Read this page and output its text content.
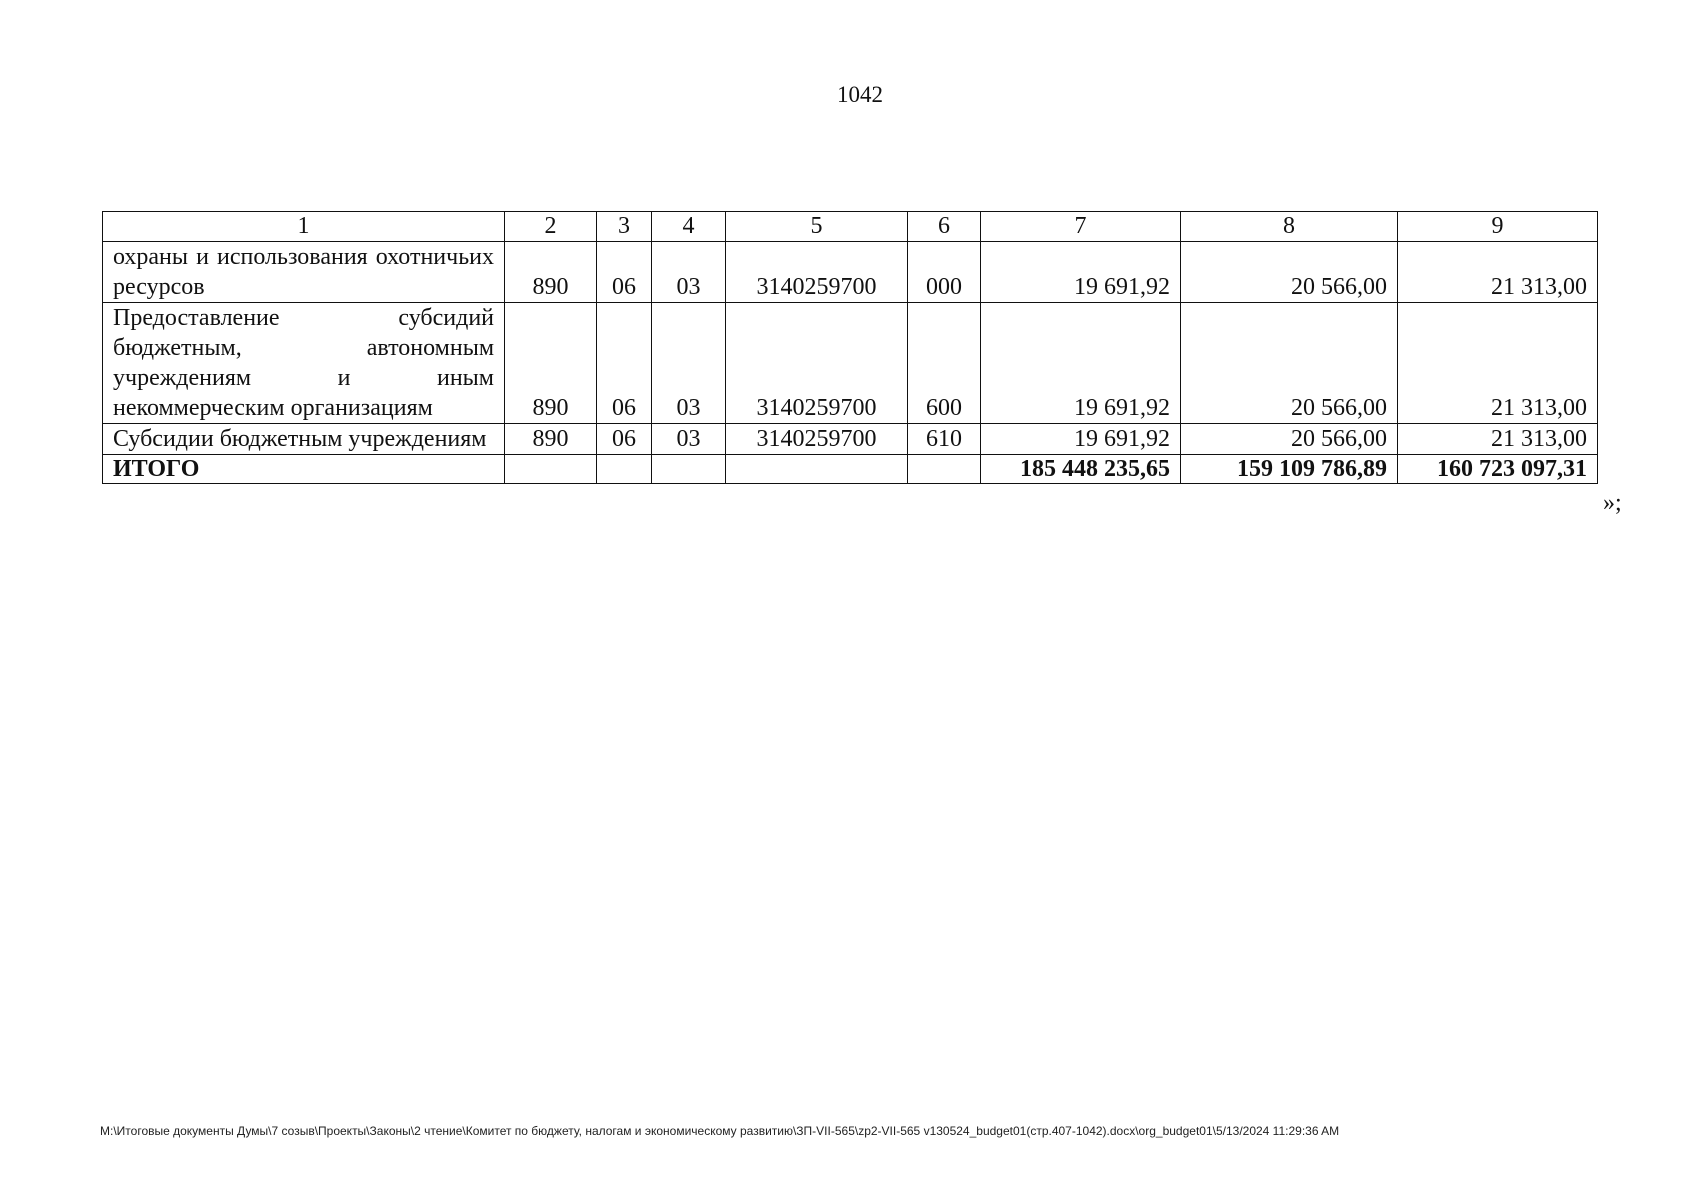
1042
1	2	3	4	5	6	7	8	9
охраны и использования охотничьих ресурсов	890	06	03	3140259700	000	19 691,92	20 566,00	21 313,00
Предоставление субсидий бюджетным, автономным учреждениям и иным некоммерческим организациям	890	06	03	3140259700	600	19 691,92	20 566,00	21 313,00
Субсидии бюджетным учреждениям	890	06	03	3140259700	610	19 691,92	20 566,00	21 313,00
ИТОГО						185 448 235,65	159 109 786,89	160 723 097,31
»;
M:\Итоговые документы Думы\7 созыв\Проекты\Законы\2 чтение\Комитет по бюджету, налогам и экономическому развитию\ЗП-VII-565\zp2-VII-565 v130524_budget01(стр.407-1042).docx\org_budget01\5/13/2024 11:29:36 AM
